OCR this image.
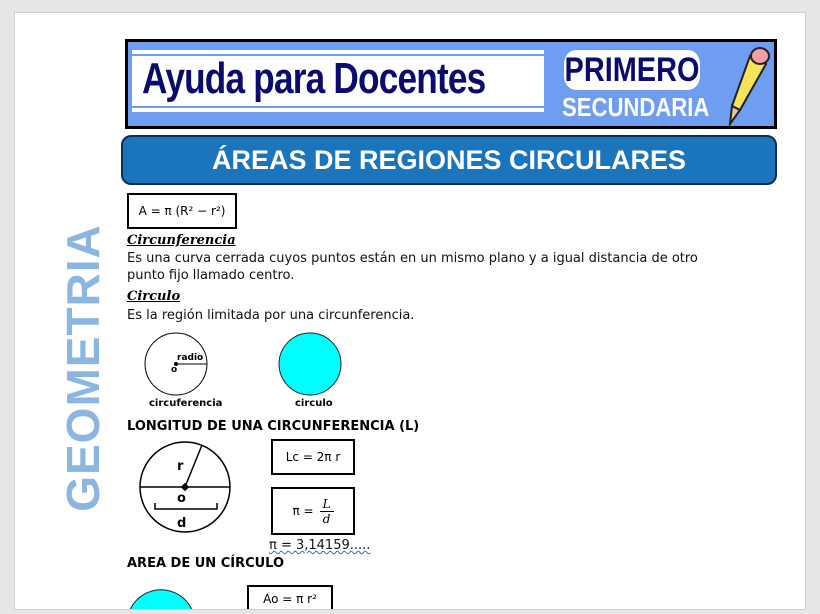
Ayuda para Docentes PRIMERO
SECUNDARIA
ÁREAS DE REGIONES CIRCULARES
GEOMETRIA
A = π (R² − r²)
Circunferencia
Es una curva cerrada cuyos puntos están en un mismo plano y a igual distancia de otro punto fijo llamado centro.
Circulo
Es la región limitada por una circunferencia.
radio
o
circuferencia	circulo
LONGITUD DE UNA CIRCUNFERENCIA (L)
r
o
d
Lc = 2π r
$\pi = \frac{L}{d}$
π = 3,14159.....
AREA DE UN CÍRCULO
Ao = π r²
